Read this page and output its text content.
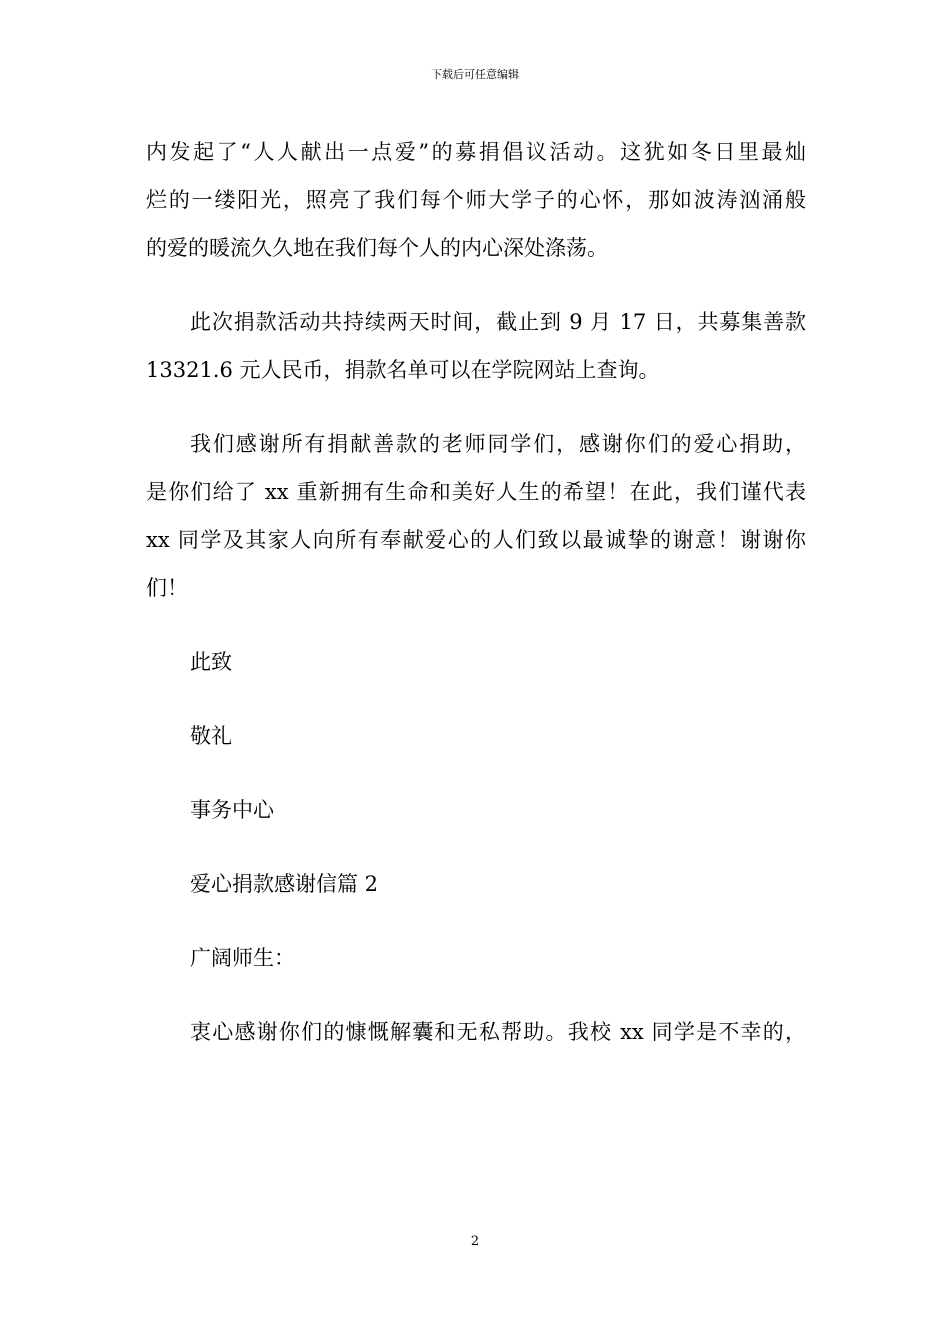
下载后可任意编辑
内发起了“人人献出一点爱”的募捐倡议活动。这犹如冬日里最灿
烂的一缕阳光，照亮了我们每个师大学子的心怀，那如波涛汹涌般
的爱的暖流久久地在我们每个人的内心深处涤荡。
此次捐款活动共持续两天时间，截止到 9 月 17 日，共募集善款
13321.6 元人民币，捐款名单可以在学院网站上查询。
我们感谢所有捐献善款的老师同学们，感谢你们的爱心捐助，
是你们给了 xx 重新拥有生命和美好人生的希望！在此，我们谨代表
xx 同学及其家人向所有奉献爱心的人们致以最诚挚的谢意！谢谢你
们！
此致
敬礼
事务中心
爱心捐款感谢信篇 2
广阔师生：
衷心感谢你们的慷慨解囊和无私帮助。我校 xx 同学是不幸的，
2
